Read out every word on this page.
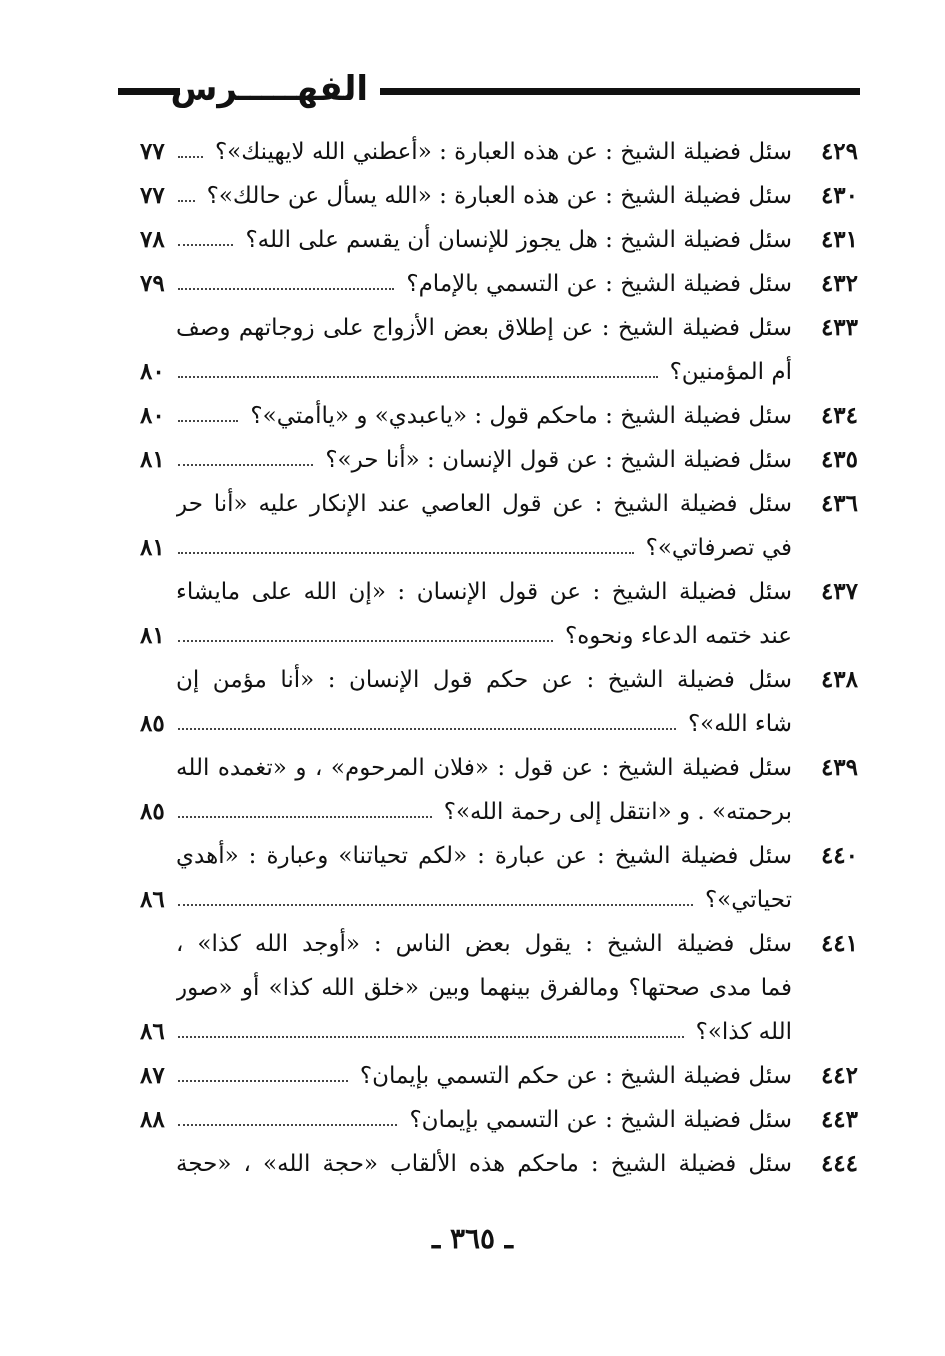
الفهـــــرس
٤٢٩
سئل فضيلة الشيخ : عن هذه العبارة : «أعطني الله لايهينك»؟
٧٧
٤٣٠
سئل فضيلة الشيخ : عن هذه العبارة : «الله يسأل عن حالك»؟
٧٧
٤٣١
سئل فضيلة الشيخ : هل يجوز للإنسان أن يقسم على الله؟
٧٨
٤٣٢
سئل فضيلة الشيخ : عن التسمي بالإمام؟
٧٩
٤٣٣
سئل فضيلة الشيخ : عن إطلاق بعض الأزواج على زوجاتهم وصف
أم المؤمنين؟
٨٠
٤٣٤
سئل فضيلة الشيخ : ماحكم قول : «ياعبدي» و «ياأمتي»؟
٨٠
٤٣٥
سئل فضيلة الشيخ : عن قول الإنسان : «أنا حر»؟
٨١
٤٣٦
سئل فضيلة الشيخ : عن قول العاصي عند الإنكار عليه «أنا حر
في تصرفاتي»؟
٨١
٤٣٧
سئل فضيلة الشيخ : عن قول الإنسان : «إن الله على مايشاء
عند ختمه الدعاء ونحوه؟
٨١
٤٣٨
سئل فضيلة الشيخ : عن حكم قول الإنسان : «أنا مؤمن إن
شاء الله»؟
٨٥
٤٣٩
سئل فضيلة الشيخ : عن قول : «فلان المرحوم» ، و «تغمده الله
برحمته» . و «انتقل إلى رحمة الله»؟
٨٥
٤٤٠
سئل فضيلة الشيخ : عن عبارة : «لكم تحياتنا» وعبارة : «أهدي
تحياتي»؟
٨٦
٤٤١
سئل فضيلة الشيخ : يقول بعض الناس : «أوجد الله كذا» ،
فما مدى صحتها؟ ومالفرق بينهما وبين «خلق الله كذا» أو «صور
الله كذا»؟
٨٦
٤٤٢
سئل فضيلة الشيخ : عن حكم التسمي بإيمان؟
٨٧
٤٤٣
سئل فضيلة الشيخ : عن التسمي بإيمان؟
٨٨
٤٤٤
سئل فضيلة الشيخ : ماحكم هذه الألقاب «حجة الله» ، «حجة
ـ ٣٦٥ ـ
